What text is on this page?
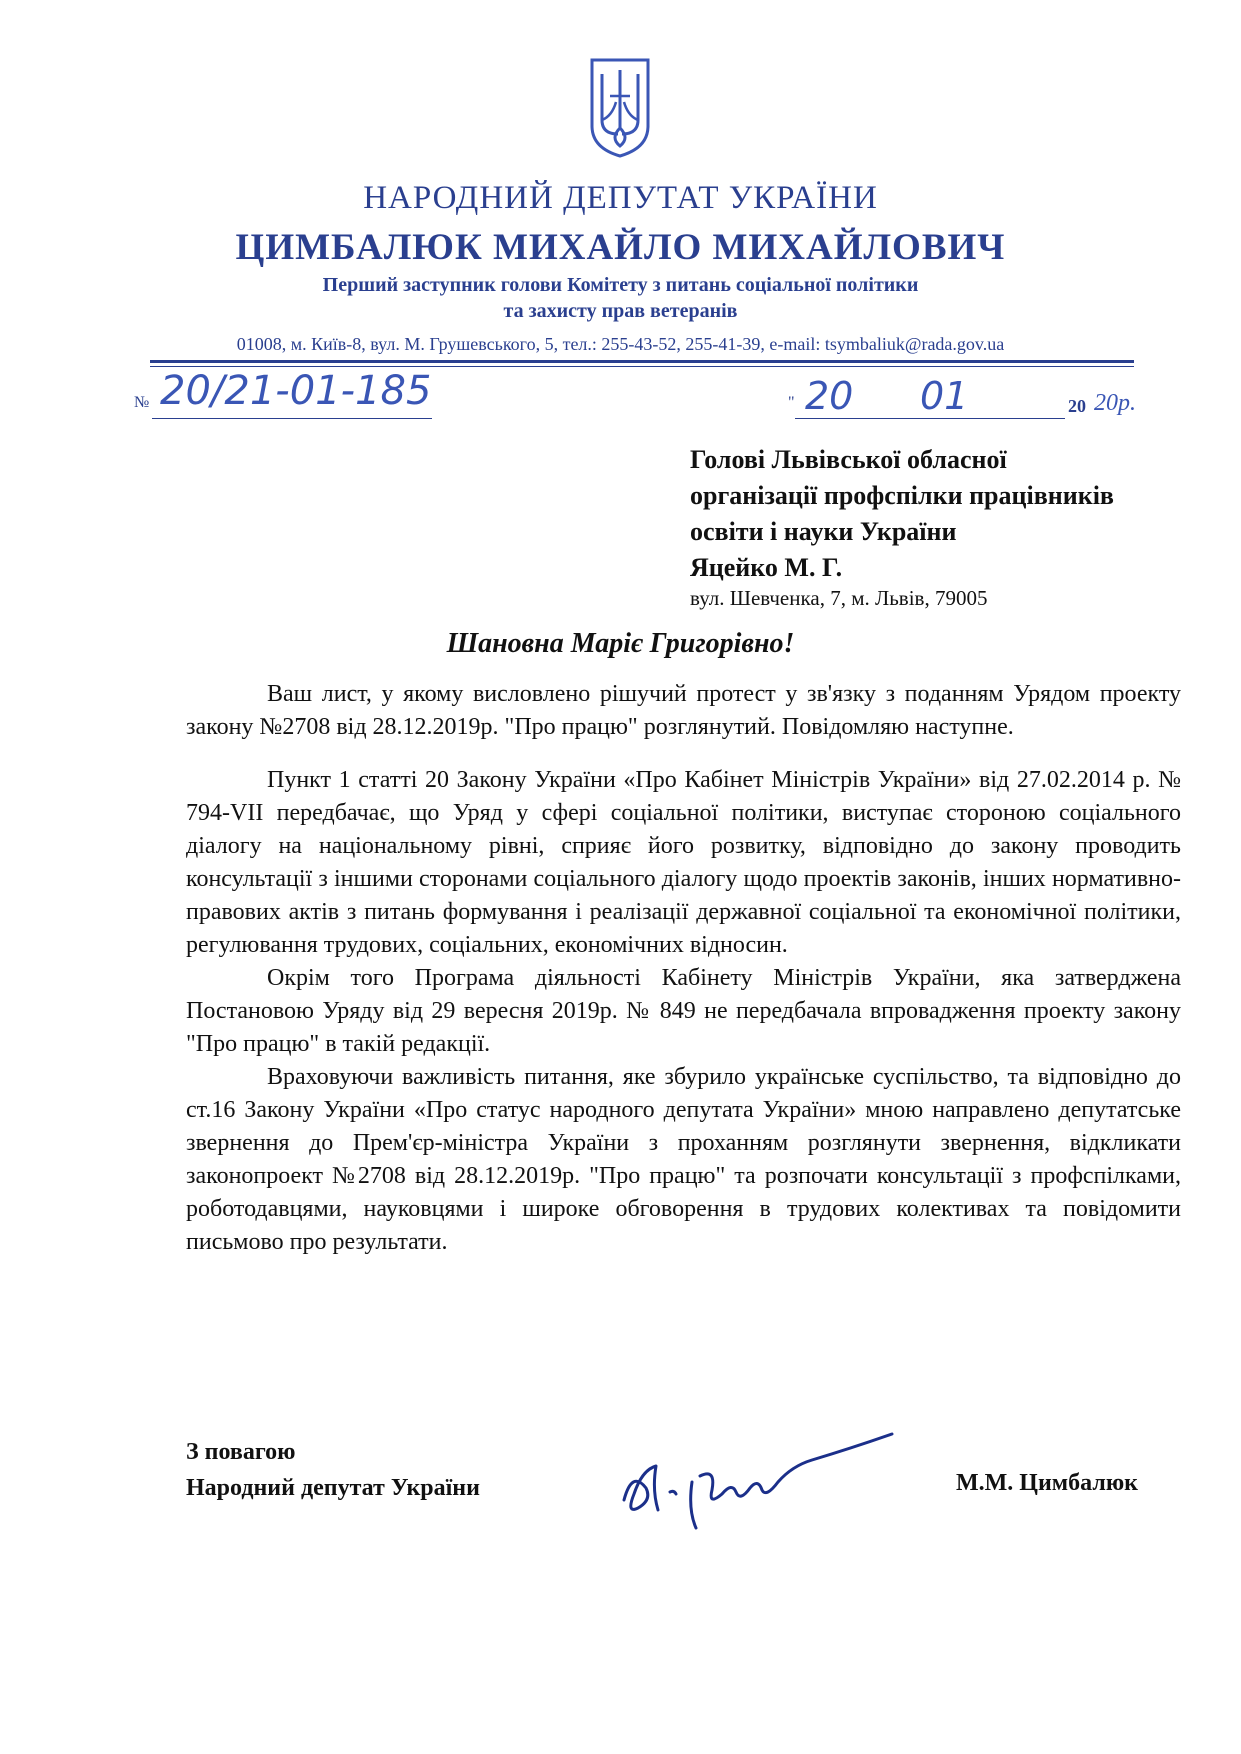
НАРОДНИЙ ДЕПУТАТ УКРАЇНИ
ЦИМБАЛЮК МИХАЙЛО МИХАЙЛОВИЧ
Перший заступник голови Комітету з питань соціальної політики
та захисту прав ветеранів
01008, м. Київ-8, вул. М. Грушевського, 5, тел.: 255-43-52, 255-41-39, e-mail: tsymbaliuk@rada.gov.ua
№ 20/21-01-185	" 20 01	20 20р.
Голові Львівської обласної
організації профспілки працівників
освіти і науки України
Яцейко М. Г.
вул. Шевченка, 7, м. Львів, 79005
Шановна Маріє Григорівно!

Ваш лист, у якому висловлено рішучий протест у зв'язку з поданням Урядом проекту закону №2708 від 28.12.2019р. "Про працю" розглянутий. Повідомляю наступне.

Пункт 1 статті 20 Закону України «Про Кабінет Міністрів України» від 27.02.2014 р. № 794-VII передбачає, що Уряд у сфері соціальної політики, виступає стороною соціального діалогу на національному рівні, сприяє його розвитку, відповідно до закону проводить консультації з іншими сторонами соціального діалогу щодо проектів законів, інших нормативно-правових актів з питань формування і реалізації державної соціальної та економічної політики, регулювання трудових, соціальних, економічних відносин.

Окрім того Програма діяльності Кабінету Міністрів України, яка затверджена Постановою Уряду від 29 вересня 2019р. № 849 не передбачала впровадження проекту закону "Про працю" в такій редакції.

Враховуючи важливість питання, яке збурило українське суспільство, та відповідно до ст.16 Закону України «Про статус народного депутата України» мною направлено депутатське звернення до Прем'єр-міністра України з проханням розглянути звернення, відкликати законопроект №2708 від 28.12.2019р. "Про працю" та розпочати консультації з профспілками, роботодавцями, науковцями і широке обговорення в трудових колективах та повідомити письмово про результати.

З повагою
Народний депутат України	М.М. Цимбалюк
